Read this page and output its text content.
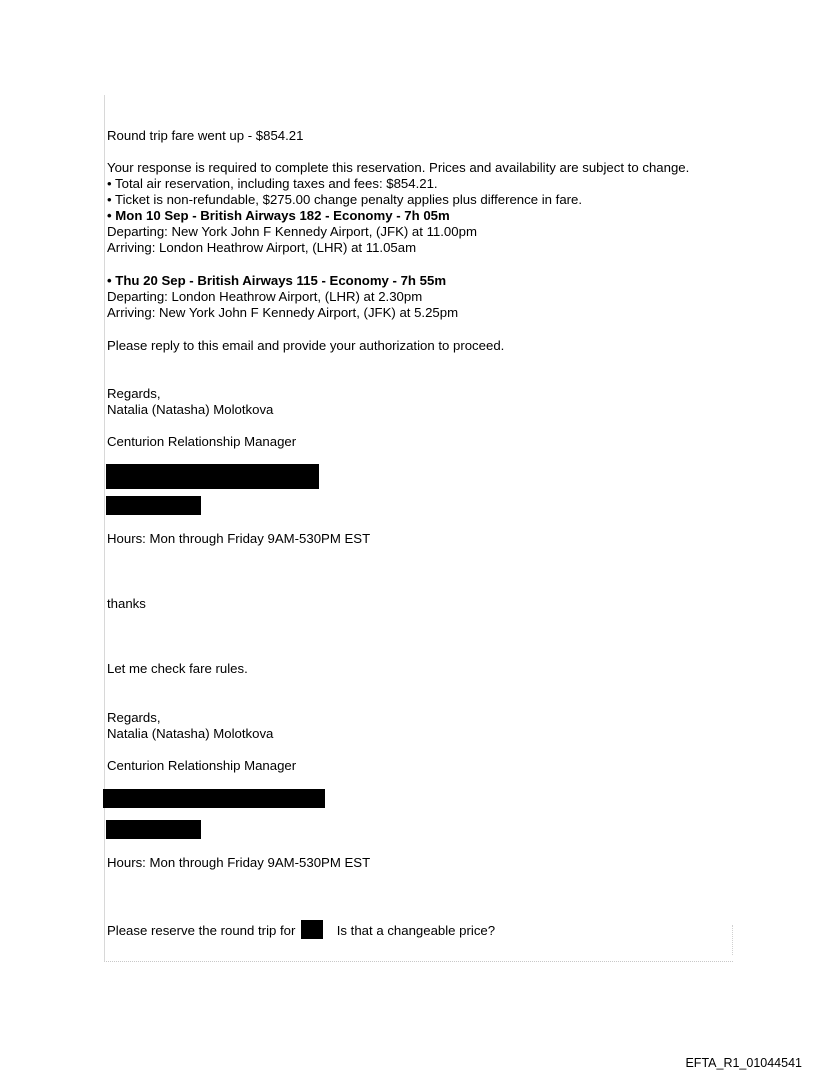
Round trip fare went up - $854.21
Your response is required to complete this reservation. Prices and availability are subject to change.
• Total air reservation, including taxes and fees: $854.21.
• Ticket is non-refundable, $275.00 change penalty applies plus difference in fare.
• Mon 10 Sep - British Airways 182 - Economy - 7h 05m
Departing: New York John F Kennedy Airport, (JFK) at 11.00pm
Arriving: London Heathrow Airport, (LHR) at 11.05am
• Thu 20 Sep - British Airways 115 - Economy - 7h 55m
Departing: London Heathrow Airport, (LHR) at 2.30pm
Arriving: New York John F Kennedy Airport, (JFK) at 5.25pm
Please reply to this email and provide your authorization to proceed.
Regards,
Natalia (Natasha) Molotkova
Centurion Relationship Manager
Hours: Mon through Friday 9AM-530PM EST
thanks
Let me check fare rules.
Regards,
Natalia (Natasha) Molotkova
Centurion Relationship Manager
Hours: Mon through Friday 9AM-530PM EST
Please reserve the round trip for	Is that a changeable price?
EFTA_R1_01044541
